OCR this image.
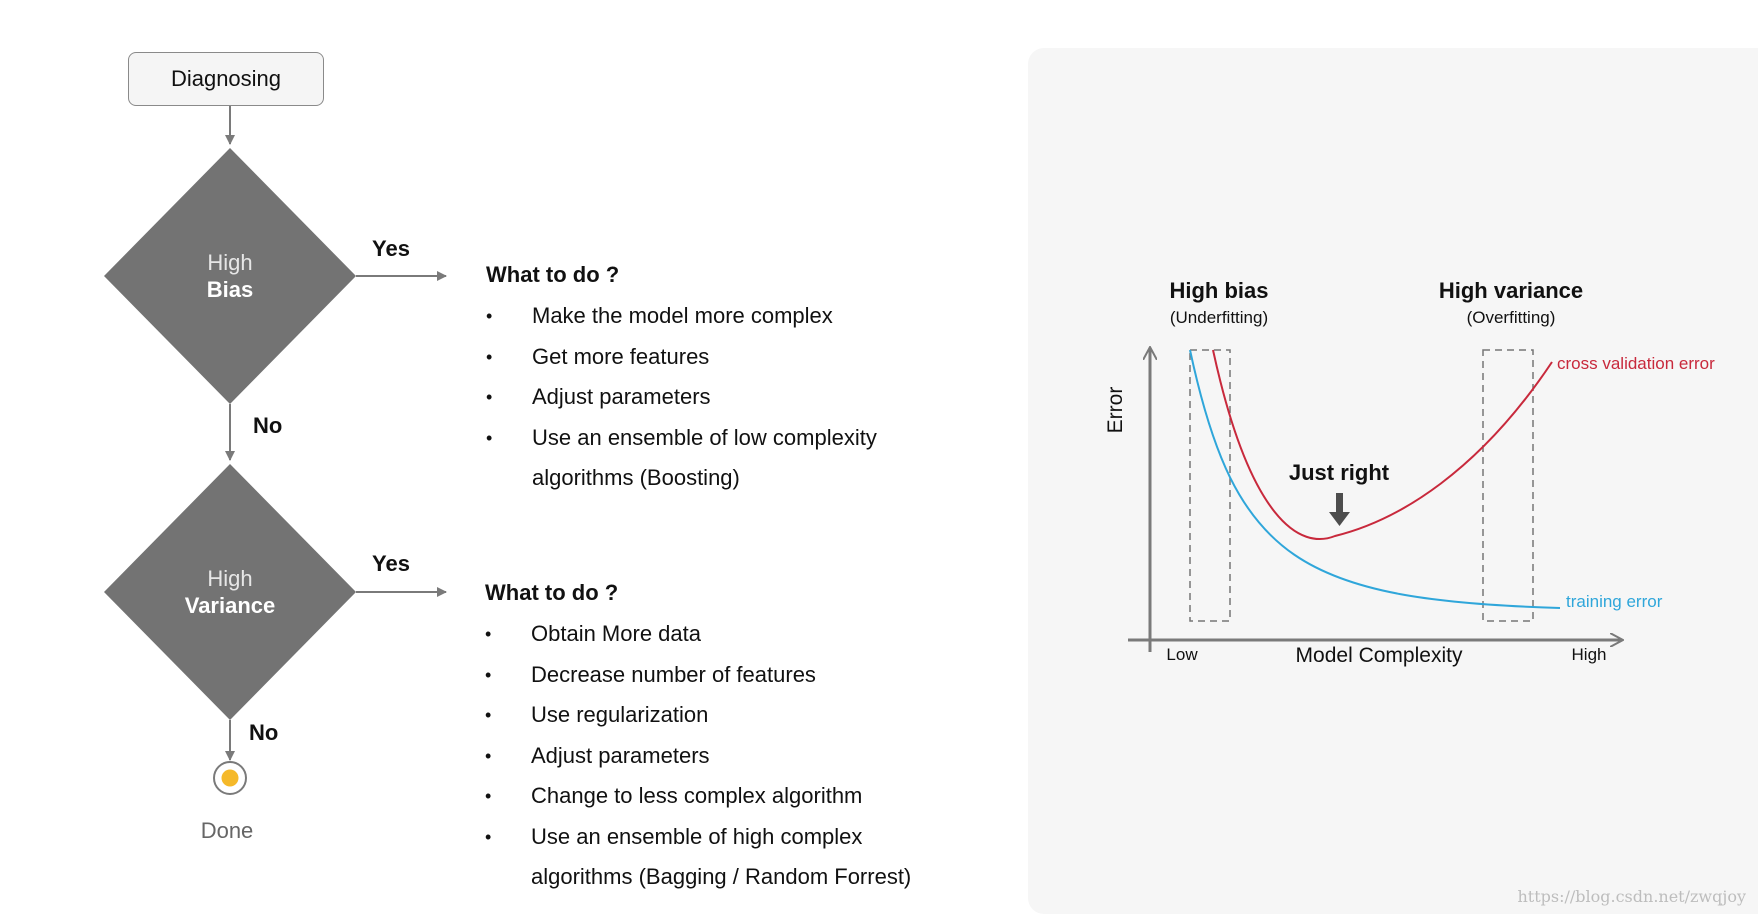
Diagnosing
High
Bias
High
Variance
Yes
No
Yes
No
Done
What to do ?
• Make the model more complex
• Get more features
• Adjust parameters
• Use an ensemble of low complexity algorithms (Boosting)
What to do ?
• Obtain More data
• Decrease number of features
• Use regularization
• Adjust parameters
• Change to less complex algorithm
• Use an ensemble of high complex algorithms (Bagging / Random Forrest)
High bias
(Underfitting)
High variance
(Overfitting)
Just right
Error
Model Complexity
Low	High
cross validation error
training error
https://blog.csdn.net/zwqjoy
